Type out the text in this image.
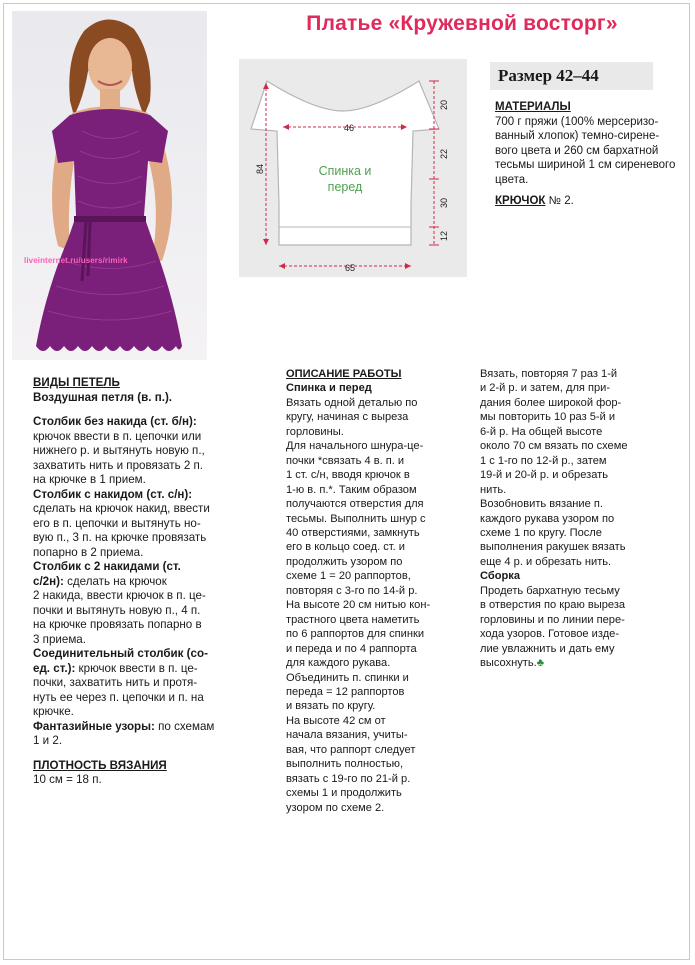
liveinternet.ru/users/rimirk
Платье «Кружевной восторг»
Спинка и
перед
46
65
84
20
22
30
12
Размер 42–44
МАТЕРИАЛЫ
700 г пряжи (100% мерсеризо-
ванный хлопок) темно-сирене-
вого цвета и 260 см бархатной
тесьмы шириной 1 см сиреневого
цвета.
КРЮЧОК № 2.
ВИДЫ ПЕТЕЛЬ
Воздушная петля (в. п.).
Столбик без накида (ст. б/н):
крючок ввести в п. цепочки или
нижнего р. и вытянуть новую п.,
захватить нить и провязать 2 п.
на крючке в 1 прием.
Столбик с накидом (ст. с/н):
сделать на крючок накид, ввести
его в п. цепочки и вытянуть но-
вую п., 3 п. на крючке провязать
попарно в 2 приема.
Столбик с 2 накидами (ст.
с/2н): сделать на крючок
2 накида, ввести крючок в п. це-
почки и вытянуть новую п., 4 п.
на крючке провязать попарно в
3 приема.
Соединительный столбик (со-
ед. ст.): крючок ввести в п. це-
почки, захватить нить и протя-
нуть ее через п. цепочки и п. на
крючке.
Фантазийные узоры: по схемам
1 и 2.
ПЛОТНОСТЬ ВЯЗАНИЯ
10 см = 18 п.
ОПИСАНИЕ РАБОТЫ
Спинка и перед
Вязать одной деталью по
кругу, начиная с выреза
горловины.
Для начального шнура-це-
почки *связать 4 в. п. и
1 ст. с/н, вводя крючок в
1-ю в. п.*. Таким образом
получаются отверстия для
тесьмы. Выполнить шнур с
40 отверстиями, замкнуть
его в кольцо соед. ст. и
продолжить узором по
схеме 1 = 20 раппортов,
повторяя с 3-го по 14-й р.
На высоте 20 см нитью кон-
трастного цвета наметить
по 6 раппортов для спинки
и переда и по 4 раппорта
для каждого рукава.
Объединить п. спинки и
переда = 12 раппортов
и вязать по кругу.
На высоте 42 см от
начала вязания, учиты-
вая, что раппорт следует
выполнить полностью,
вязать с 19-го по 21-й р.
схемы 1 и продолжить
узором по схеме 2.
Вязать, повторяя 7 раз 1-й
и 2-й р. и затем, для при-
дания более широкой фор-
мы повторить 10 раз 5-й и
6-й р. На общей высоте
около 70 см вязать по схеме
1 с 1-го по 12-й р., затем
19-й и 20-й р. и обрезать
нить.
Возобновить вязание п.
каждого рукава узором по
схеме 1 по кругу. После
выполнения ракушек вязать
еще 4 р. и обрезать нить.
Сборка
Продеть бархатную тесьму
в отверстия по краю выреза
горловины и по линии пере-
хода узоров. Готовое изде-
лие увлажнить и дать ему
высохнуть.♣
